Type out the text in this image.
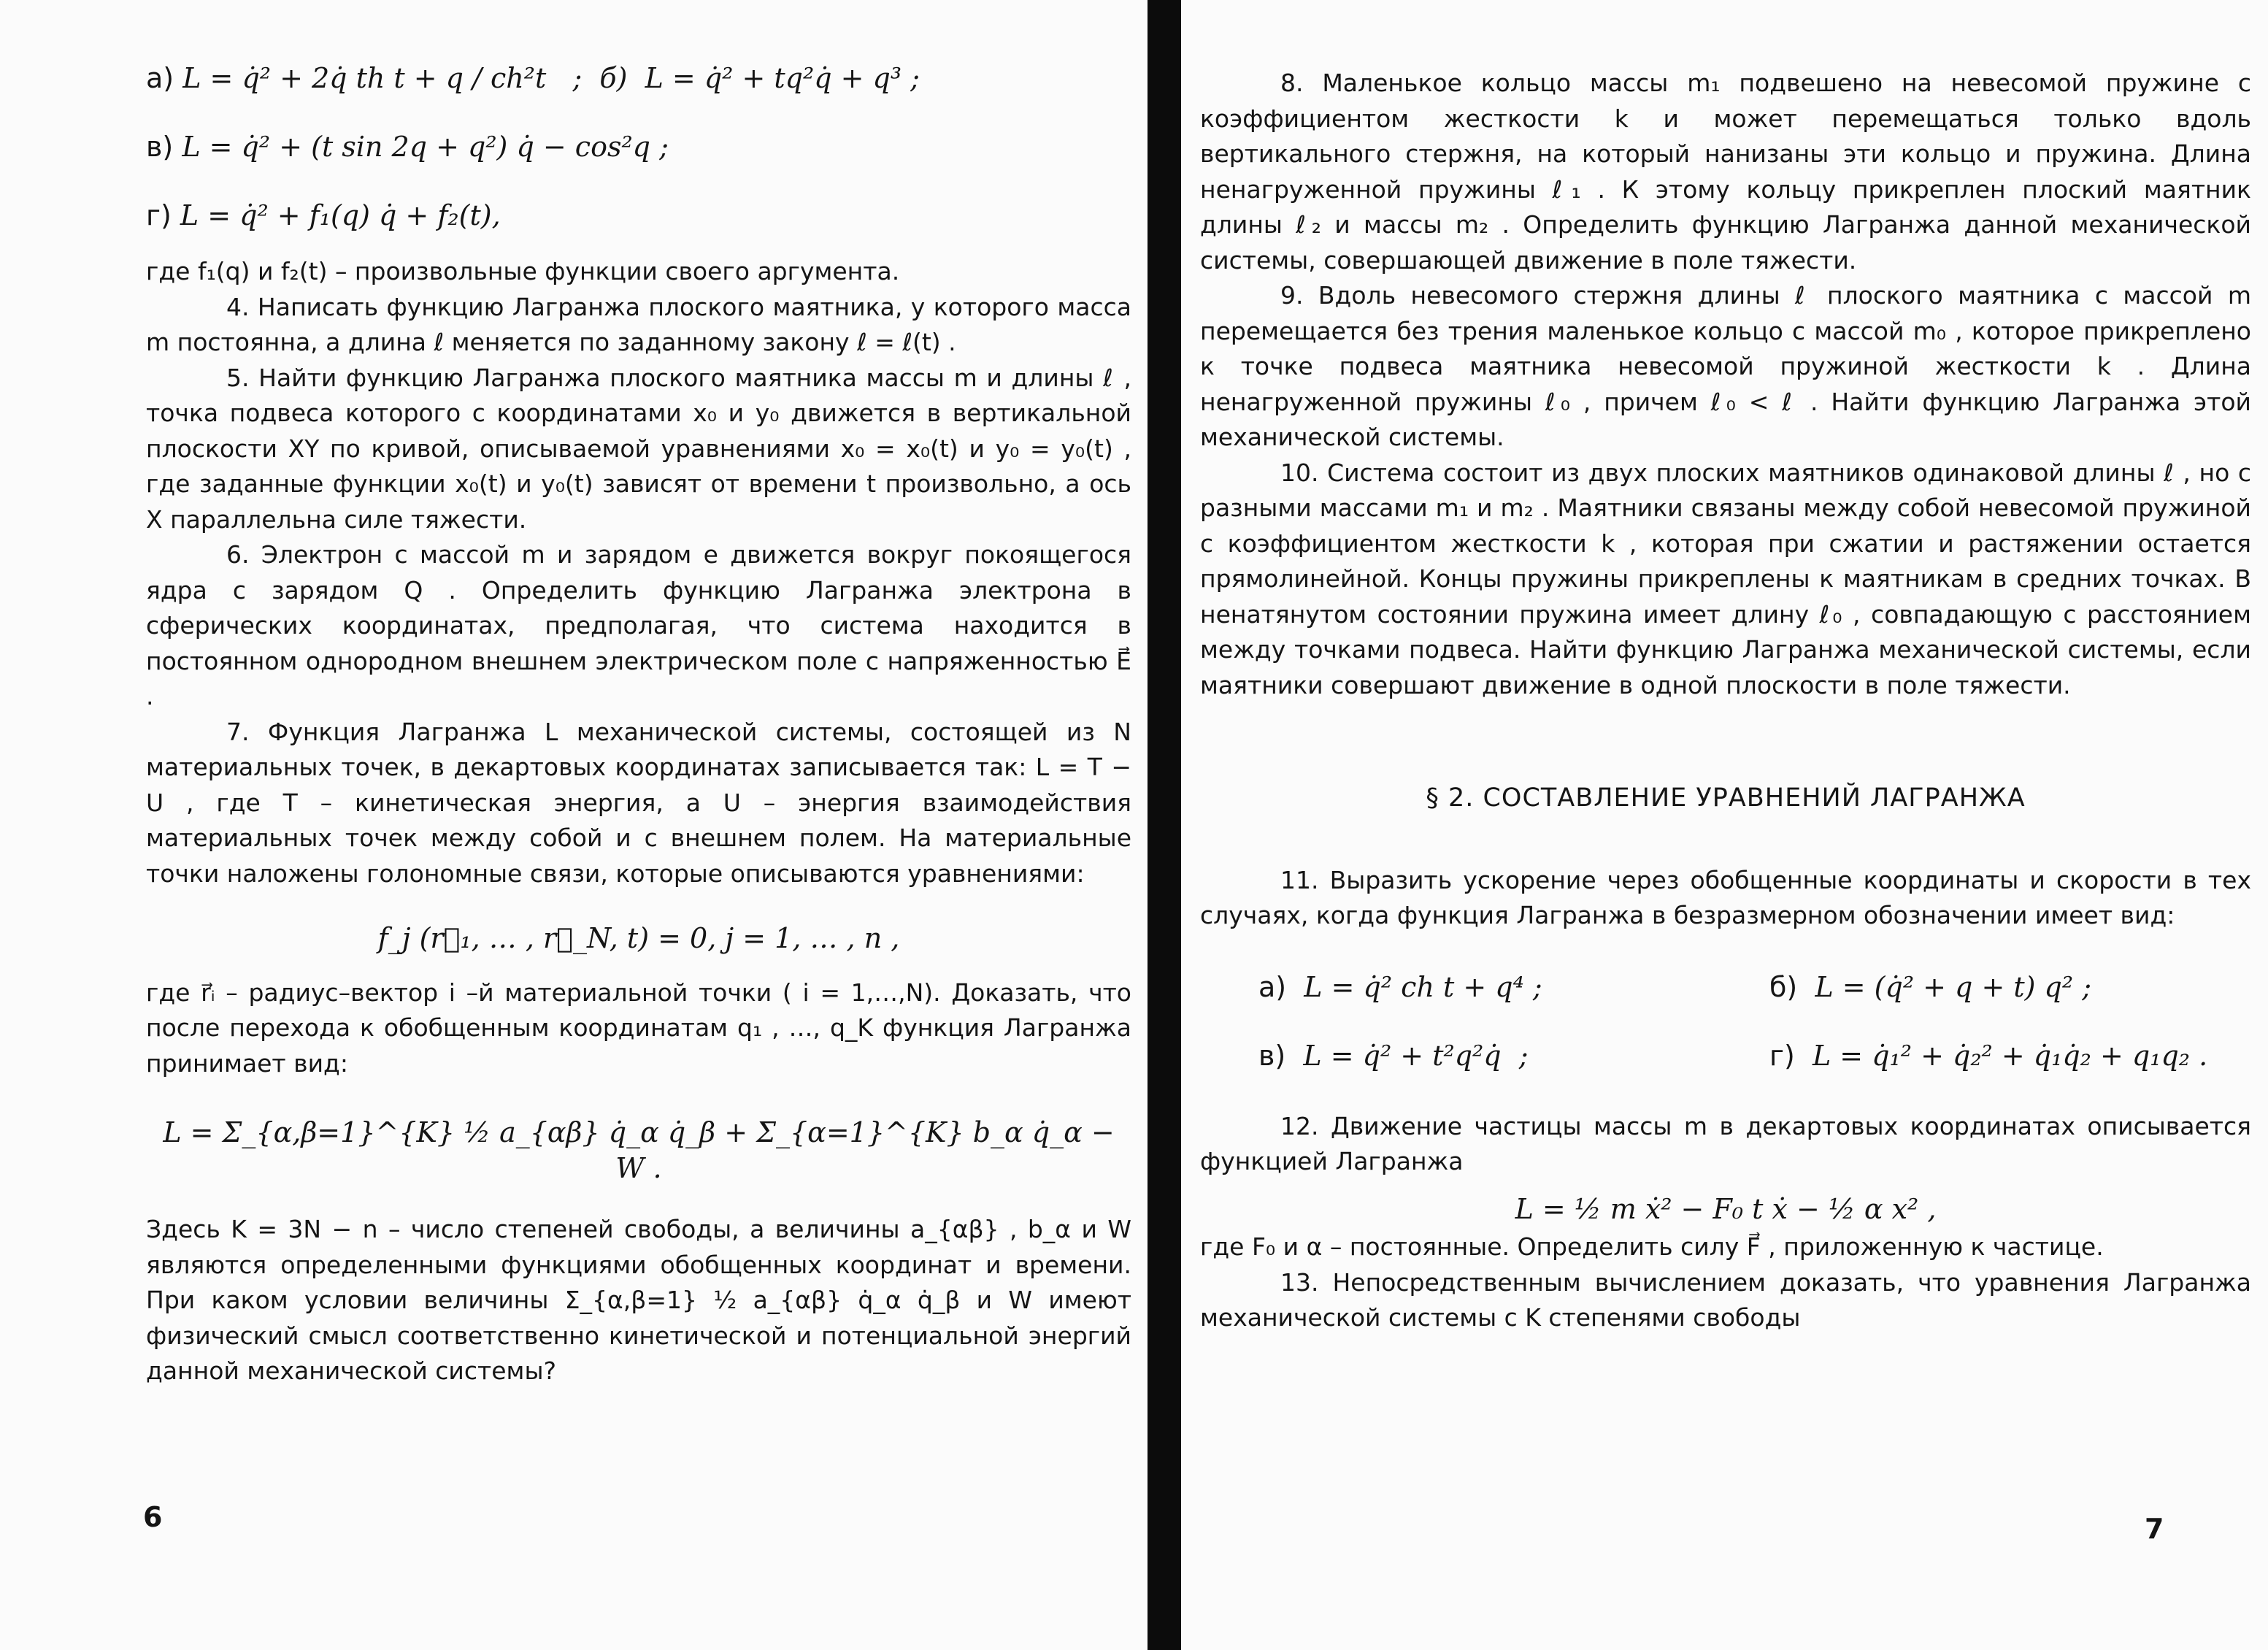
а) L = q̇² + 2q̇ th t + q / ch²t   ;  б)  L = q̇² + tq²q̇ + q³ ;
в) L = q̇² + (t sin 2q + q²) q̇ − cos²q ;
г) L = q̇² + f₁(q) q̇ + f₂(t),

где f₁(q) и f₂(t) – произвольные функции своего аргумента.

4. Написать функцию Лагранжа плоского маятника, у которого масса m постоянна, а длина ℓ меняется по заданному закону ℓ = ℓ(t) .

5. Найти функцию Лагранжа плоского маятника массы m и длины ℓ , точка подвеса которого с координатами x₀ и y₀ движется в вертикальной плоскости XY по кривой, описываемой уравнениями x₀ = x₀(t) и y₀ = y₀(t) , где заданные функции x₀(t) и y₀(t) зависят от времени t произвольно, а ось X параллельна силе тяжести.

6. Электрон с массой m и зарядом e движется вокруг покоящегося ядра с зарядом Q . Определить функцию Лагранжа электрона в сферических координатах, предполагая, что система находится в постоянном однородном внешнем электрическом поле с напряженностью E⃗ .

7. Функция Лагранжа L механической системы, состоящей из N материальных точек, в декартовых координатах записывается так: L = T − U , где T – кинетическая энергия, а U – энергия взаимодействия материальных точек между собой и с внешнем полем. На материальные точки наложены голономные связи, которые описываются уравнениями:

f_j (r⃗₁, … , r⃗_N, t) = 0, j = 1, … , n ,

где r⃗ᵢ – радиус–вектор i –й материальной точки ( i = 1,…,N). Доказать, что после перехода к обобщенным координатам q₁ , …, q_K функция Лагранжа принимает вид:

L = Σ_{α,β=1}^{K} ½ a_{αβ} q̇_α q̇_β + Σ_{α=1}^{K} b_α q̇_α − W .

Здесь K = 3N − n – число степеней свободы, а величины a_{αβ} , b_α и W являются определенными функциями обобщенных координат и времени. При каком условии величины Σ_{α,β=1} ½ a_{αβ} q̇_α q̇_β и W имеют физический смысл соответственно кинетической и потенциальной энергий данной механической системы?

6

8. Маленькое кольцо массы m₁ подвешено на невесомой пружине с коэффициентом жесткости k и может перемещаться только вдоль вертикального стержня, на который нанизаны эти кольцо и пружина. Длина ненагруженной пружины ℓ₁ . К этому кольцу прикреплен плоский маятник длины ℓ₂ и массы m₂ . Определить функцию Лагранжа данной механической системы, совершающей движение в поле тяжести.

9. Вдоль невесомого стержня длины ℓ плоского маятника с массой m перемещается без трения маленькое кольцо с массой m₀ , которое прикреплено к точке подвеса маятника невесомой пружиной жесткости k . Длина ненагруженной пружины ℓ₀ , причем ℓ₀ < ℓ . Найти функцию Лагранжа этой механической системы.

10. Система состоит из двух плоских маятников одинаковой длины ℓ , но с разными массами m₁ и m₂ . Маятники связаны между собой невесомой пружиной с коэффициентом жесткости k , которая при сжатии и растяжении остается прямолинейной. Концы пружины прикреплены к маятникам в средних точках. В ненатянутом состоянии пружина имеет длину ℓ₀ , совпадающую с расстоянием между точками подвеса. Найти функцию Лагранжа механической системы, если маятники совершают движение в одной плоскости в поле тяжести.

§ 2. СОСТАВЛЕНИЕ УРАВНЕНИЙ ЛАГРАНЖА

11. Выразить ускорение через обобщенные координаты и скорости в тех случаях, когда функция Лагранжа в безразмерном обозначении имеет вид:

а) L = q̇² ch t + q⁴ ;	б) L = (q̇² + q + t) q² ;
в) L = q̇² + t²q²q̇  ;	г) L = q̇₁² + q̇₂² + q̇₁q̇₂ + q₁q₂ .

12. Движение частицы массы m в декартовых координатах описывается функцией Лагранжа

L = ½ m ẋ² − F₀ t ẋ − ½ α x² ,

где F₀ и α – постоянные. Определить силу F⃗ , приложенную к частице.

13. Непосредственным вычислением доказать, что уравнения Лагранжа механической системы с K степенями свободы

7
